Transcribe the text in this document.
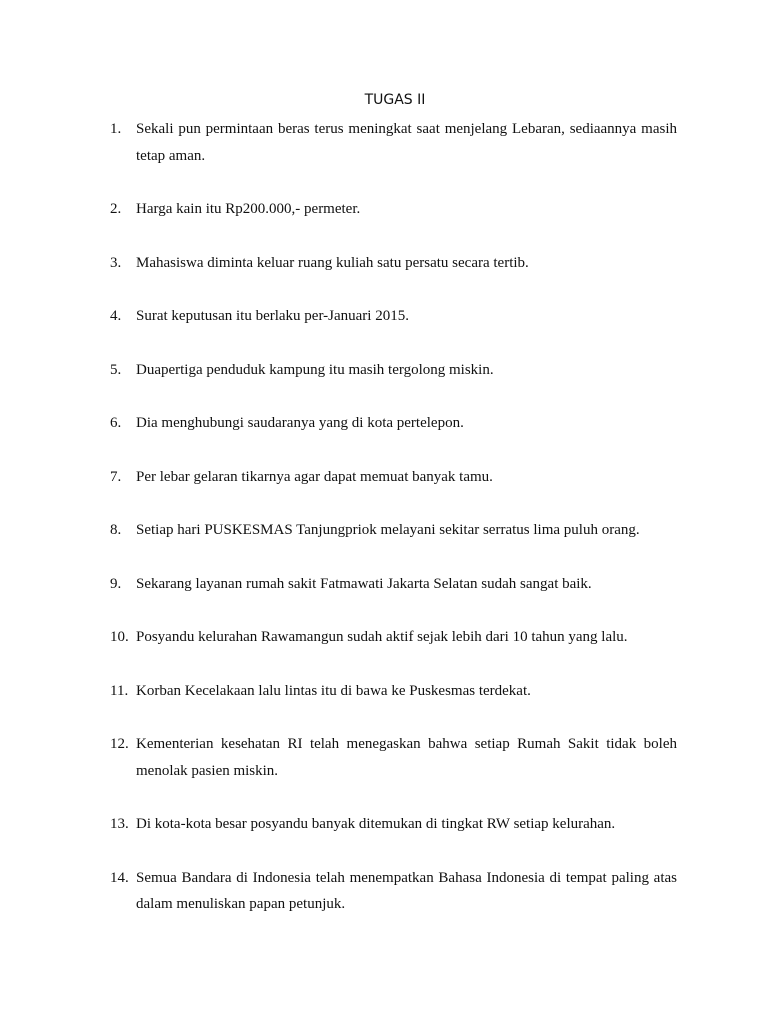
TUGAS II
1. Sekali pun permintaan beras terus meningkat saat menjelang Lebaran, sediaannya masih tetap aman.
2. Harga kain itu Rp200.000,- permeter.
3. Mahasiswa diminta keluar ruang kuliah satu persatu secara tertib.
4. Surat keputusan itu berlaku per-Januari 2015.
5. Duapertiga penduduk kampung itu masih tergolong miskin.
6. Dia menghubungi saudaranya yang di kota pertelepon.
7. Per lebar gelaran tikarnya agar dapat memuat banyak tamu.
8. Setiap hari PUSKESMAS Tanjungpriok melayani sekitar serratus lima puluh orang.
9. Sekarang layanan rumah sakit Fatmawati Jakarta Selatan sudah sangat baik.
10. Posyandu kelurahan Rawamangun sudah aktif sejak lebih dari 10 tahun yang lalu.
11. Korban Kecelakaan lalu lintas itu di bawa ke Puskesmas terdekat.
12. Kementerian kesehatan RI telah menegaskan bahwa setiap Rumah Sakit tidak boleh menolak pasien miskin.
13. Di kota-kota besar posyandu banyak ditemukan di tingkat RW setiap kelurahan.
14. Semua Bandara di Indonesia telah menempatkan Bahasa Indonesia di tempat paling atas dalam menuliskan papan petunjuk.
